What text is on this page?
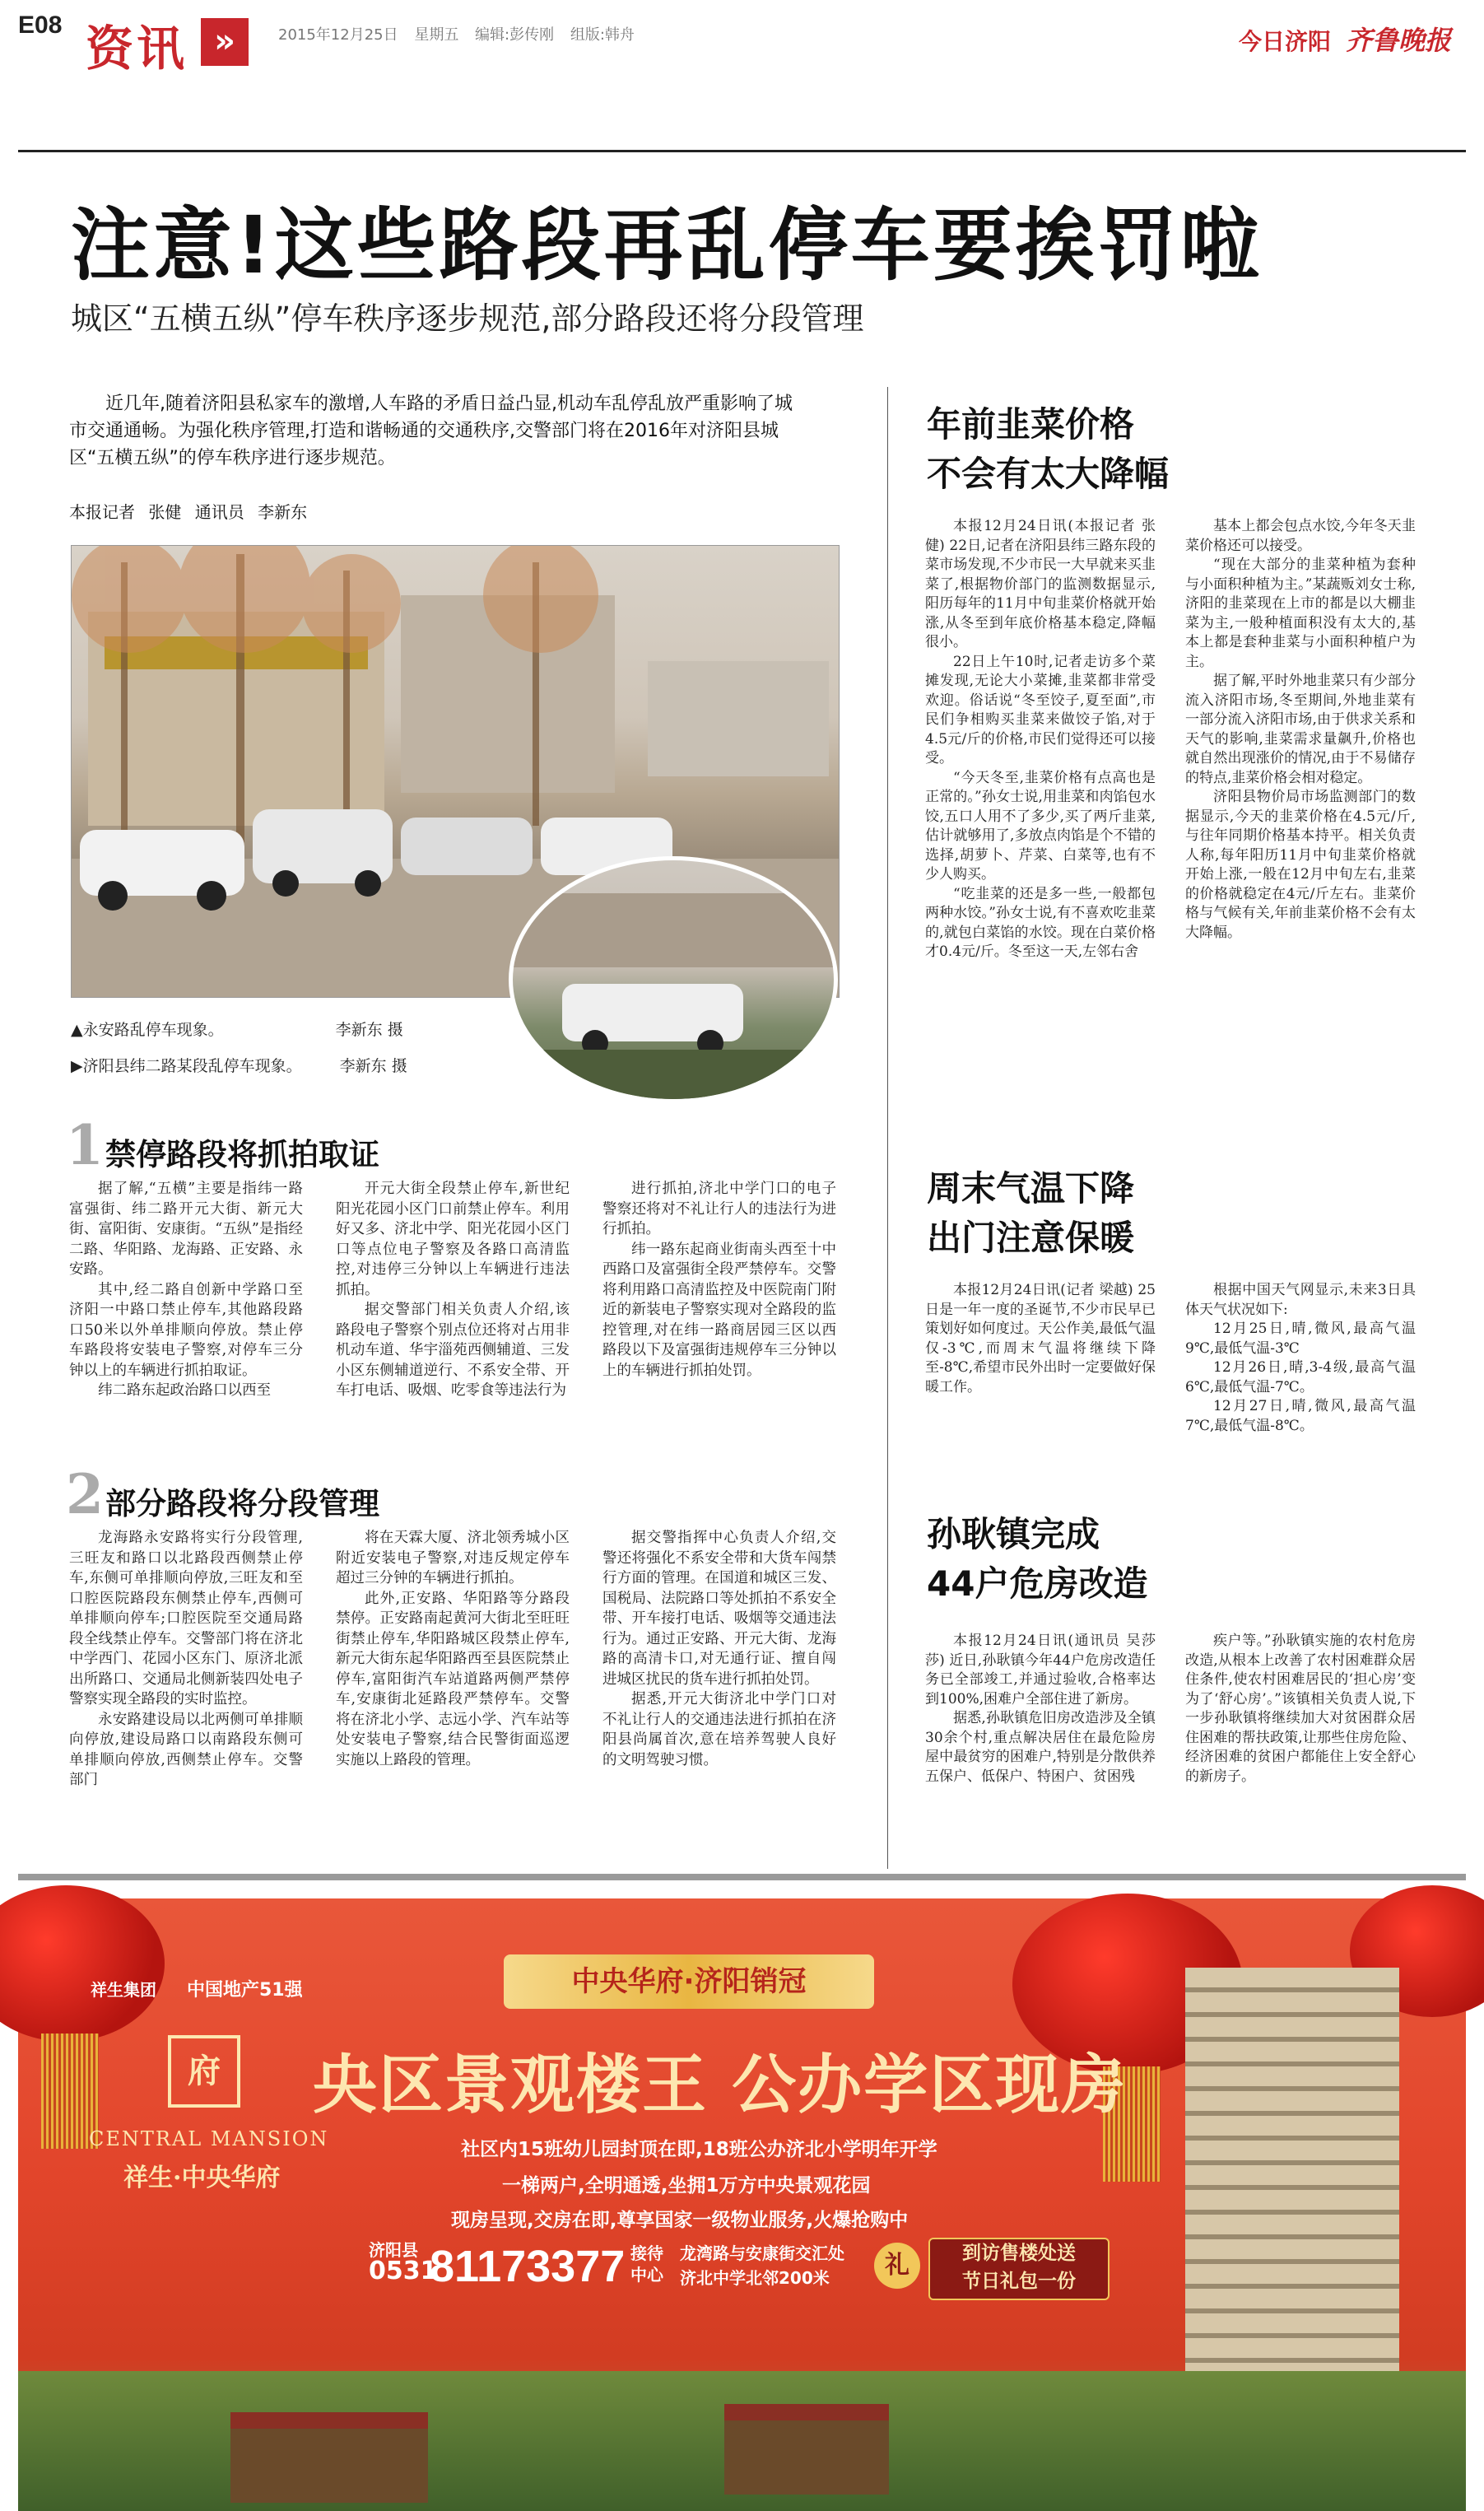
E08 资讯 »	2015年12月25日 星期五 编辑:彭传刚 组版:韩舟	今日济阳 齐鲁晚报
注意!这些路段再乱停车要挨罚啦
城区“五横五纵”停车秩序逐步规范,部分路段还将分段管理
近几年,随着济阳县私家车的激增,人车路的矛盾日益凸显,机动车乱停乱放严重影响了城市交通通畅。为强化秩序管理,打造和谐畅通的交通秩序,交警部门将在2016年对济阳县城区“五横五纵”的停车秩序进行逐步规范。
本报记者 张健 通讯员 李新东
▲永安路乱停车现象。	李新东 摄
▶济阳县纬二路某段乱停车现象。 李新东 摄
1 禁停路段将抓拍取证

据了解,“五横”主要是指纬一路富强街、纬二路开元大街、新元大街、富阳街、安康街。“五纵”是指经二路、华阳路、龙海路、正安路、永安路。

其中,经二路自创新中学路口至济阳一中路口禁止停车,其他路段路口50米以外单排顺向停放。禁止停车路段将安装电子警察,对停车三分钟以上的车辆进行抓拍取证。

纬二路东起政治路口以西至

开元大街全段禁止停车,新世纪阳光花园小区门口前禁止停车。利用好又多、济北中学、阳光花园小区门口等点位电子警察及各路口高清监控,对违停三分钟以上车辆进行违法抓拍。

据交警部门相关负责人介绍,该路段电子警察个别点位还将对占用非机动车道、华宇淄苑西侧辅道、三发小区东侧辅道逆行、不系安全带、开车打电话、吸烟、吃零食等违法行为

进行抓拍,济北中学门口的电子警察还将对不礼让行人的违法行为进行抓拍。

纬一路东起商业街南头西至十中西路口及富强街全段严禁停车。交警将利用路口高清监控及中医院南门附近的新装电子警察实现对全路段的监控管理,对在纬一路商居园三区以西路段以下及富强街违规停车三分钟以上的车辆进行抓拍处罚。

2 部分路段将分段管理

龙海路永安路将实行分段管理,三旺友和路口以北路段西侧禁止停车,东侧可单排顺向停放,三旺友和至口腔医院路段东侧禁止停车,西侧可单排顺向停车;口腔医院至交通局路段全线禁止停车。交警部门将在济北中学西门、花园小区东门、原济北派出所路口、交通局北侧新装四处电子警察实现全路段的实时监控。

永安路建设局以北两侧可单排顺向停放,建设局路口以南路段东侧可单排顺向停放,西侧禁止停车。交警部门

将在天霖大厦、济北领秀城小区附近安装电子警察,对违反规定停车超过三分钟的车辆进行抓拍。

此外,正安路、华阳路等分路段禁停。正安路南起黄河大街北至旺旺街禁止停车,华阳路城区段禁止停车,新元大街东起华阳路西至县医院禁止停车,富阳街汽车站道路两侧严禁停车,安康街北延路段严禁停车。交警将在济北小学、志远小学、汽车站等处安装电子警察,结合民警街面巡逻实施以上路段的管理。

据交警指挥中心负责人介绍,交警还将强化不系安全带和大货车闯禁行方面的管理。在国道和城区三发、国税局、法院路口等处抓拍不系安全带、开车接打电话、吸烟等交通违法行为。通过正安路、开元大街、龙海路的高清卡口,对无通行证、擅自闯进城区扰民的货车进行抓拍处罚。

据悉,开元大街济北中学门口对不礼让行人的交通违法进行抓拍在济阳县尚属首次,意在培养驾驶人良好的文明驾驶习惯。

年前韭菜价格
不会有太大降幅

本报12月24日讯(本报记者 张健) 22日,记者在济阳县纬三路东段的菜市场发现,不少市民一大早就来买韭菜了,根据物价部门的监测数据显示,阳历每年的11月中旬韭菜价格就开始涨,从冬至到年底价格基本稳定,降幅很小。

22日上午10时,记者走访多个菜摊发现,无论大小菜摊,韭菜都非常受欢迎。俗话说“冬至饺子,夏至面”,市民们争相购买韭菜来做饺子馅,对于4.5元/斤的价格,市民们觉得还可以接受。

“今天冬至,韭菜价格有点高也是正常的。”孙女士说,用韭菜和肉馅包水饺,五口人用不了多少,买了两斤韭菜,估计就够用了,多放点肉馅是个不错的选择,胡萝卜、芹菜、白菜等,也有不少人购买。

“吃韭菜的还是多一些,一般都包两种水饺。”孙女士说,有不喜欢吃韭菜的,就包白菜馅的水饺。现在白菜价格才0.4元/斤。冬至这一天,左邻右舍

基本上都会包点水饺,今年冬天韭菜价格还可以接受。

“现在大部分的韭菜种植为套种与小面积种植为主。”某蔬贩刘女士称,济阳的韭菜现在上市的都是以大棚韭菜为主,一般种植面积没有太大的,基本上都是套种韭菜与小面积种植户为主。

据了解,平时外地韭菜只有少部分流入济阳市场,冬至期间,外地韭菜有一部分流入济阳市场,由于供求关系和天气的影响,韭菜需求量飙升,价格也就自然出现涨价的情况,由于不易储存的特点,韭菜价格会相对稳定。

济阳县物价局市场监测部门的数据显示,今天的韭菜价格在4.5元/斤,与往年同期价格基本持平。相关负责人称,每年阳历11月中旬韭菜价格就开始上涨,一般在12月中旬左右,韭菜的价格就稳定在4元/斤左右。韭菜价格与气候有关,年前韭菜价格不会有太大降幅。

周末气温下降
出门注意保暖

本报12月24日讯(记者 梁越) 25日是一年一度的圣诞节,不少市民早已策划好如何度过。天公作美,最低气温仅-3℃,而周末气温将继续下降至-8℃,希望市民外出时一定要做好保暖工作。

根据中国天气网显示,未来3日具体天气状况如下:

12月25日,晴,微风,最高气温9℃,最低气温-3℃

12月26日,晴,3-4级,最高气温6℃,最低气温-7℃。

12月27日,晴,微风,最高气温7℃,最低气温-8℃。

孙耿镇完成
44户危房改造

本报12月24日讯(通讯员 吴莎莎) 近日,孙耿镇今年44户危房改造任务已全部竣工,并通过验收,合格率达到100%,困难户全部住进了新房。

据悉,孙耿镇危旧房改造涉及全镇30余个村,重点解决居住在最危险房屋中最贫穷的困难户,特别是分散供养五保户、低保户、特困户、贫困残

疾户等。”孙耿镇实施的农村危房改造,从根本上改善了农村困难群众居住条件,使农村困难居民的‘担心房’变为了‘舒心房’。”该镇相关负责人说,下一步孙耿镇将继续加大对贫困群众居住困难的帮扶政策,让那些住房危险、经济困难的贫困户都能住上安全舒心的新房子。

祥生集团 中国地产51强
府
CENTRAL MANSION
祥生·中央华府
中央华府·济阳销冠
央区景观楼王 公办学区现房
社区内15班幼儿园封顶在即,18班公办济北小学明年开学
一梯两户,全明通透,坐拥1万方中央景观花园
现房呈现,交房在即,尊享国家一级物业服务,火爆抢购中
济阳县
0531
81173377 接待中心
龙湾路与安康街交汇处
济北中学北邻200米	礼	到访售楼处送
节日礼包一份
